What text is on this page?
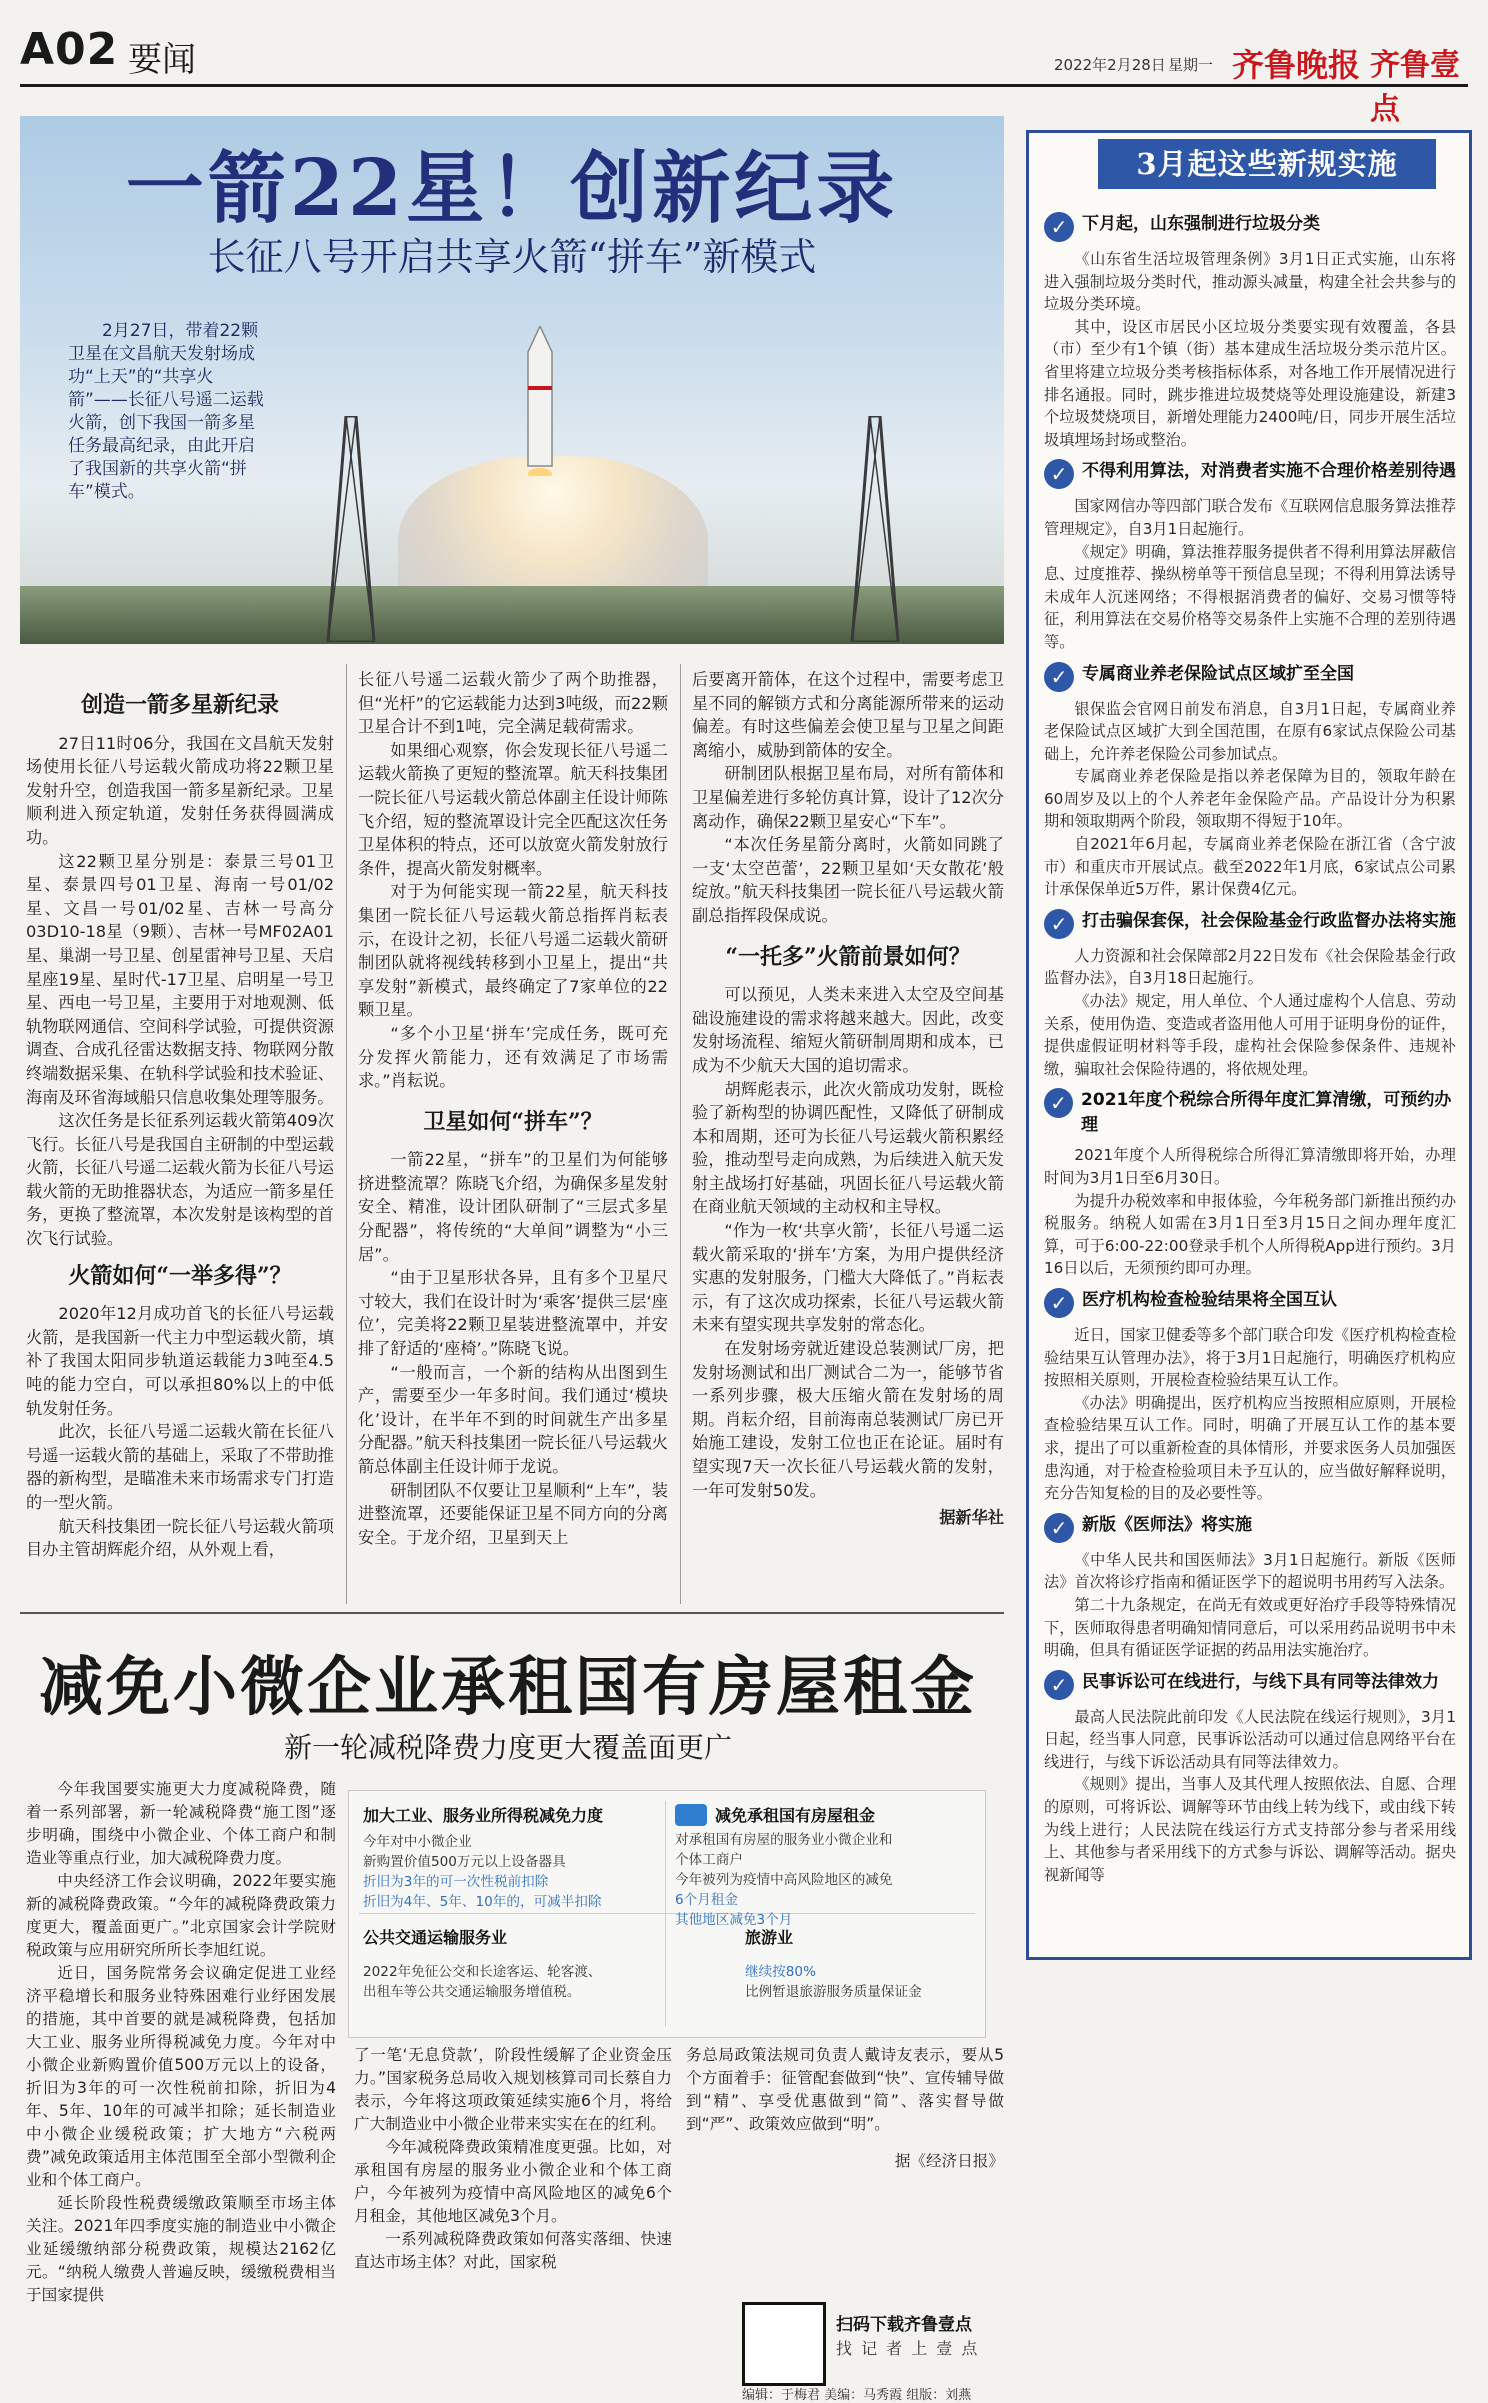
A02 要闻	2022年2月28日 星期一 齐鲁晚报 齐鲁壹点
一箭22星！创新纪录
长征八号开启共享火箭“拼车”新模式
2月27日，带着22颗卫星在文昌航天发射场成功“上天”的“共享火箭”——长征八号遥二运载火箭，创下我国一箭多星任务最高纪录，由此开启了我国新的共享火箭“拼车”模式。
创造一箭多星新纪录

27日11时06分，我国在文昌航天发射场使用长征八号运载火箭成功将22颗卫星发射升空，创造我国一箭多星新纪录。卫星顺利进入预定轨道，发射任务获得圆满成功。

这22颗卫星分别是：泰景三号01卫星、泰景四号01卫星、海南一号01/02星、文昌一号01/02星、吉林一号高分03D10-18星（9颗）、吉林一号MF02A01星、巢湖一号卫星、创星雷神号卫星、天启星座19星、星时代-17卫星、启明星一号卫星、西电一号卫星，主要用于对地观测、低轨物联网通信、空间科学试验，可提供资源调查、合成孔径雷达数据支持、物联网分散终端数据采集、在轨科学试验和技术验证、海南及环省海域船只信息收集处理等服务。

这次任务是长征系列运载火箭第409次飞行。长征八号是我国自主研制的中型运载火箭，长征八号遥二运载火箭为长征八号运载火箭的无助推器状态，为适应一箭多星任务，更换了整流罩，本次发射是该构型的首次飞行试验。

火箭如何“一举多得”？

2020年12月成功首飞的长征八号运载火箭，是我国新一代主力中型运载火箭，填补了我国太阳同步轨道运载能力3吨至4.5吨的能力空白，可以承担80%以上的中低轨发射任务。

此次，长征八号遥二运载火箭在长征八号遥一运载火箭的基础上，采取了不带助推器的新构型，是瞄准未来市场需求专门打造的一型火箭。

航天科技集团一院长征八号运载火箭项目办主管胡辉彪介绍，从外观上看，

长征八号遥二运载火箭少了两个助推器，但“光杆”的它运载能力达到3吨级，而22颗卫星合计不到1吨，完全满足载荷需求。

如果细心观察，你会发现长征八号遥二运载火箭换了更短的整流罩。航天科技集团一院长征八号运载火箭总体副主任设计师陈飞介绍，短的整流罩设计完全匹配这次任务卫星体积的特点，还可以放宽火箭发射放行条件，提高火箭发射概率。

对于为何能实现一箭22星，航天科技集团一院长征八号运载火箭总指挥肖耘表示，在设计之初，长征八号遥二运载火箭研制团队就将视线转移到小卫星上，提出“共享发射”新模式，最终确定了7家单位的22颗卫星。

“多个小卫星‘拼车’完成任务，既可充分发挥火箭能力，还有效满足了市场需求。”肖耘说。

卫星如何“拼车”？

一箭22星，“拼车”的卫星们为何能够挤进整流罩？陈晓飞介绍，为确保多星发射安全、精准，设计团队研制了“三层式多星分配器”，将传统的“大单间”调整为“小三居”。

“由于卫星形状各异，且有多个卫星尺寸较大，我们在设计时为‘乘客’提供三层‘座位’，完美将22颗卫星装进整流罩中，并安排了舒适的‘座椅’。”陈晓飞说。

“一般而言，一个新的结构从出图到生产，需要至少一年多时间。我们通过‘模块化’设计，在半年不到的时间就生产出多星分配器。”航天科技集团一院长征八号运载火箭总体副主任设计师于龙说。

研制团队不仅要让卫星顺利“上车”，装进整流罩，还要能保证卫星不同方向的分离安全。于龙介绍，卫星到天上

后要离开箭体，在这个过程中，需要考虑卫星不同的解锁方式和分离能源所带来的运动偏差。有时这些偏差会使卫星与卫星之间距离缩小，威胁到箭体的安全。

研制团队根据卫星布局，对所有箭体和卫星偏差进行多轮仿真计算，设计了12次分离动作，确保22颗卫星安心“下车”。

“本次任务星箭分离时，火箭如同跳了一支‘太空芭蕾’，22颗卫星如‘天女散花’般绽放。”航天科技集团一院长征八号运载火箭副总指挥段保成说。

“一托多”火箭前景如何？

可以预见，人类未来进入太空及空间基础设施建设的需求将越来越大。因此，改变发射场流程、缩短火箭研制周期和成本，已成为不少航天大国的追切需求。

胡辉彪表示，此次火箭成功发射，既检验了新构型的协调匹配性，又降低了研制成本和周期，还可为长征八号运载火箭积累经验，推动型号走向成熟，为后续进入航天发射主战场打好基础，巩固长征八号运载火箭在商业航天领域的主动权和主导权。

“作为一枚‘共享火箭’，长征八号遥二运载火箭采取的‘拼车’方案，为用户提供经济实惠的发射服务，门槛大大降低了。”肖耘表示，有了这次成功探索，长征八号运载火箭未来有望实现共享发射的常态化。

在发射场旁就近建设总装测试厂房，把发射场测试和出厂测试合二为一，能够节省一系列步骤，极大压缩火箭在发射场的周期。肖耘介绍，目前海南总装测试厂房已开始施工建设，发射工位也正在论证。届时有望实现7天一次长征八号运载火箭的发射，一年可发射50发。

据新华社
3月起这些新规实施
✓ 下月起，山东强制进行垃圾分类

《山东省生活垃圾管理条例》3月1日正式实施，山东将进入强制垃圾分类时代，推动源头减量，构建全社会共参与的垃圾分类环境。

其中，设区市居民小区垃圾分类要实现有效覆盖，各县（市）至少有1个镇（街）基本建成生活垃圾分类示范片区。省里将建立垃圾分类考核指标体系，对各地工作开展情况进行排名通报。同时，跳步推进垃圾焚烧等处理设施建设，新建3个垃圾焚烧项目，新增处理能力2400吨/日，同步开展生活垃圾填埋场封场或整治。

✓ 不得利用算法，对消费者实施不合理价格差别待遇

国家网信办等四部门联合发布《互联网信息服务算法推荐管理规定》，自3月1日起施行。

《规定》明确，算法推荐服务提供者不得利用算法屏蔽信息、过度推荐、操纵榜单等干预信息呈现；不得利用算法诱导未成年人沉迷网络；不得根据消费者的偏好、交易习惯等特征，利用算法在交易价格等交易条件上实施不合理的差别待遇等。

✓ 专属商业养老保险试点区域扩至全国

银保监会官网日前发布消息，自3月1日起，专属商业养老保险试点区域扩大到全国范围，在原有6家试点保险公司基础上，允许养老保险公司参加试点。

专属商业养老保险是指以养老保障为目的，领取年龄在60周岁及以上的个人养老年金保险产品。产品设计分为积累期和领取期两个阶段，领取期不得短于10年。

自2021年6月起，专属商业养老保险在浙江省（含宁波市）和重庆市开展试点。截至2022年1月底，6家试点公司累计承保保单近5万件，累计保费4亿元。

✓ 打击骗保套保，社会保险基金行政监督办法将实施

人力资源和社会保障部2月22日发布《社会保险基金行政监督办法》，自3月18日起施行。

《办法》规定，用人单位、个人通过虚构个人信息、劳动关系，使用伪造、变造或者盗用他人可用于证明身份的证件，提供虚假证明材料等手段，虚构社会保险参保条件、违规补缴，骗取社会保险待遇的，将依规处理。

✓ 2021年度个税综合所得年度汇算清缴，可预约办理

2021年度个人所得税综合所得汇算清缴即将开始，办理时间为3月1日至6月30日。

为提升办税效率和申报体验，今年税务部门新推出预约办税服务。纳税人如需在3月1日至3月15日之间办理年度汇算，可于6:00-22:00登录手机个人所得税App进行预约。3月16日以后，无须预约即可办理。

✓ 医疗机构检查检验结果将全国互认

近日，国家卫健委等多个部门联合印发《医疗机构检查检验结果互认管理办法》，将于3月1日起施行，明确医疗机构应按照相关原则，开展检查检验结果互认工作。

《办法》明确提出，医疗机构应当按照相应原则，开展检查检验结果互认工作。同时，明确了开展互认工作的基本要求，提出了可以重新检查的具体情形，并要求医务人员加强医患沟通，对于检查检验项目未予互认的，应当做好解释说明，充分告知复检的目的及必要性等。

✓ 新版《医师法》将实施

《中华人民共和国医师法》3月1日起施行。新版《医师法》首次将诊疗指南和循证医学下的超说明书用药写入法条。

第二十九条规定，在尚无有效或更好治疗手段等特殊情况下，医师取得患者明确知情同意后，可以采用药品说明书中未明确，但具有循证医学证据的药品用法实施治疗。

✓ 民事诉讼可在线进行，与线下具有同等法律效力

最高人民法院此前印发《人民法院在线运行规则》，3月1日起，经当事人同意，民事诉讼活动可以通过信息网络平台在线进行，与线下诉讼活动具有同等法律效力。

《规则》提出，当事人及其代理人按照依法、自愿、合理的原则，可将诉讼、调解等环节由线上转为线下，或由线下转为线上进行；人民法院在线运行方式支持部分参与者采用线上、其他参与者采用线下的方式参与诉讼、调解等活动。据央视新闻等

减免小微企业承租国有房屋租金
新一轮减税降费力度更大覆盖面更广

今年我国要实施更大力度减税降费，随着一系列部署，新一轮减税降费“施工图”逐步明确，围绕中小微企业、个体工商户和制造业等重点行业，加大减税降费力度。

中央经济工作会议明确，2022年要实施新的减税降费政策。“今年的减税降费政策力度更大，覆盖面更广。”北京国家会计学院财税政策与应用研究所所长李旭红说。

近日，国务院常务会议确定促进工业经济平稳增长和服务业特殊困难行业纾困发展的措施，其中首要的就是减税降费，包括加大工业、服务业所得税减免力度。今年对中小微企业新购置价值500万元以上的设备，折旧为3年的可一次性税前扣除，折旧为4年、5年、10年的可减半扣除；延长制造业中小微企业缓税政策；扩大地方“六税两费”减免政策适用主体范围至全部小型微利企业和个体工商户。

延长阶段性税费缓缴政策顺至市场主体关注。2021年四季度实施的制造业中小微企业延缓缴纳部分税费政策，规模达2162亿元。“纳税人缴费人普遍反映，缓缴税费相当于国家提供

加大工业、服务业所得税减免力度
今年对中小微企业
新购置价值500万元以上设备器具
折旧为3年的可一次性税前扣除
折旧为4年、5年、10年的，可减半扣除
减免承租国有房屋租金
对承租国有房屋的服务业小微企业和
个体工商户
今年被列为疫情中高风险地区的减免
6个月租金
其他地区减免3个月
公共交通运输服务业
2022年免征公交和长途客运、轮客渡、
出租车等公共交通运输服务增值税。
旅游业
继续按80%
比例暂退旅游服务质量保证金

了一笔‘无息贷款’，阶段性缓解了企业资金压力。”国家税务总局收入规划核算司司长蔡自力表示，今年将这项政策延续实施6个月，将给广大制造业中小微企业带来实实在在的红利。

今年减税降费政策精准度更强。比如，对承租国有房屋的服务业小微企业和个体工商户，今年被列为疫情中高风险地区的减免6个月租金，其他地区减免3个月。

一系列减税降费政策如何落实落细、快速直达市场主体？对此，国家税

务总局政策法规司负责人戴诗友表示，要从5个方面着手：征管配套做到“快”、宣传辅导做到“精”、享受优惠做到“简”、落实督导做到“严”、政策效应做到“明”。

据《经济日报》
扫码下载齐鲁壹点
找 记 者 上 壹 点
编辑：于梅君 美编：马秀霞 组版：刘燕
